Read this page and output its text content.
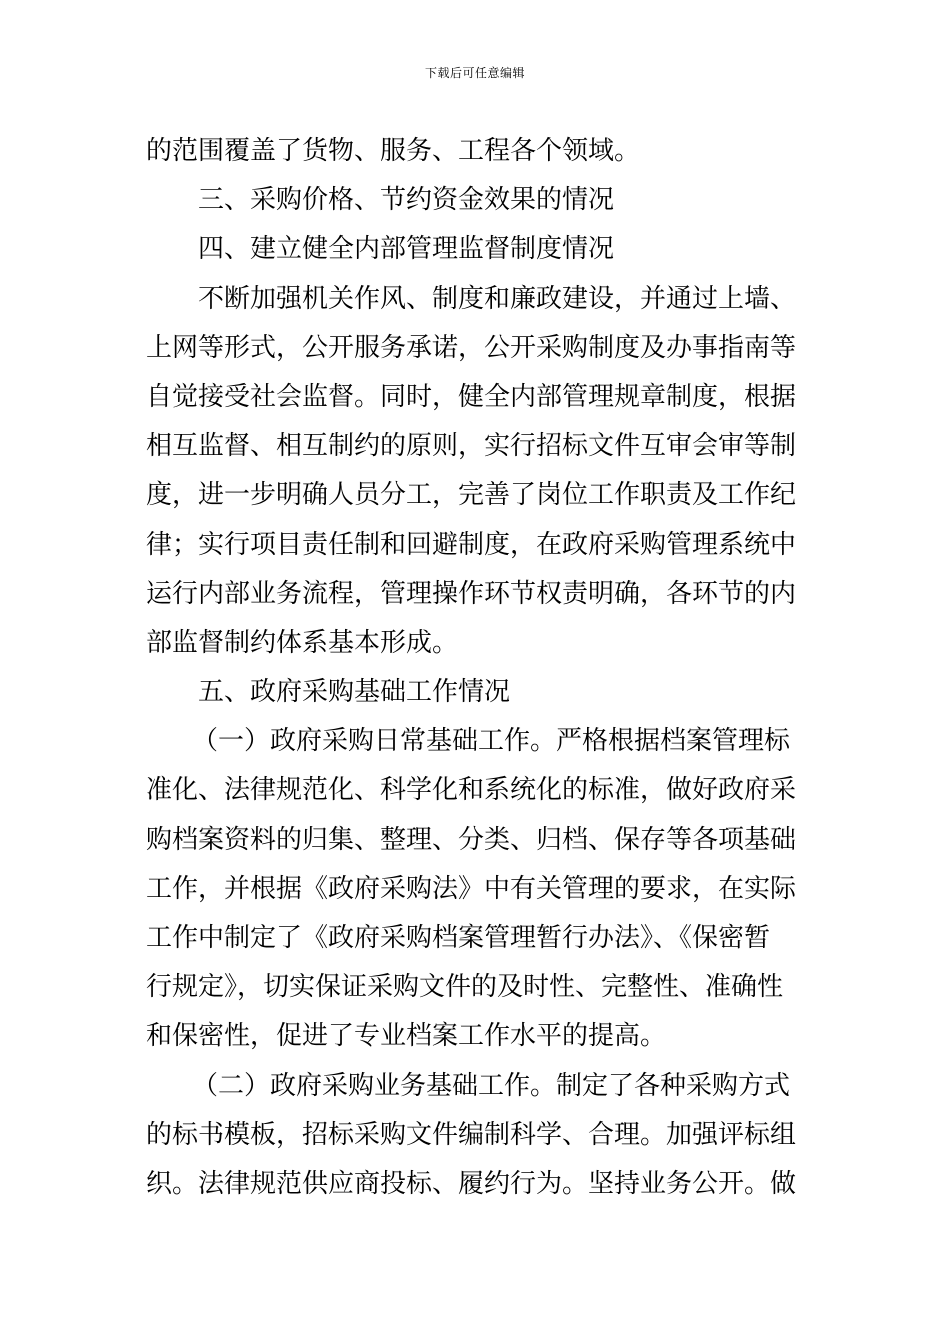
下载后可任意编辑
的范围覆盖了货物、服务、工程各个领域。
三、采购价格、节约资金效果的情况
四、建立健全内部管理监督制度情况
不断加强机关作风、制度和廉政建设，并通过上墙、
上网等形式，公开服务承诺，公开采购制度及办事指南等
自觉接受社会监督。同时，健全内部管理规章制度，根据
相互监督、相互制约的原则，实行招标文件互审会审等制
度，进一步明确人员分工，完善了岗位工作职责及工作纪
律；实行项目责任制和回避制度，在政府采购管理系统中
运行内部业务流程，管理操作环节权责明确，各环节的内
部监督制约体系基本形成。
五、政府采购基础工作情况
（一）政府采购日常基础工作。严格根据档案管理标
准化、法律规范化、科学化和系统化的标准，做好政府采
购档案资料的归集、整理、分类、归档、保存等各项基础
工作，并根据《政府采购法》中有关管理的要求，在实际
工作中制定了《政府采购档案管理暂行办法》、《保密暂
行规定》，切实保证采购文件的及时性、完整性、准确性
和保密性，促进了专业档案工作水平的提高。
（二）政府采购业务基础工作。制定了各种采购方式
的标书模板，招标采购文件编制科学、合理。加强评标组
织。法律规范供应商投标、履约行为。坚持业务公开。做
